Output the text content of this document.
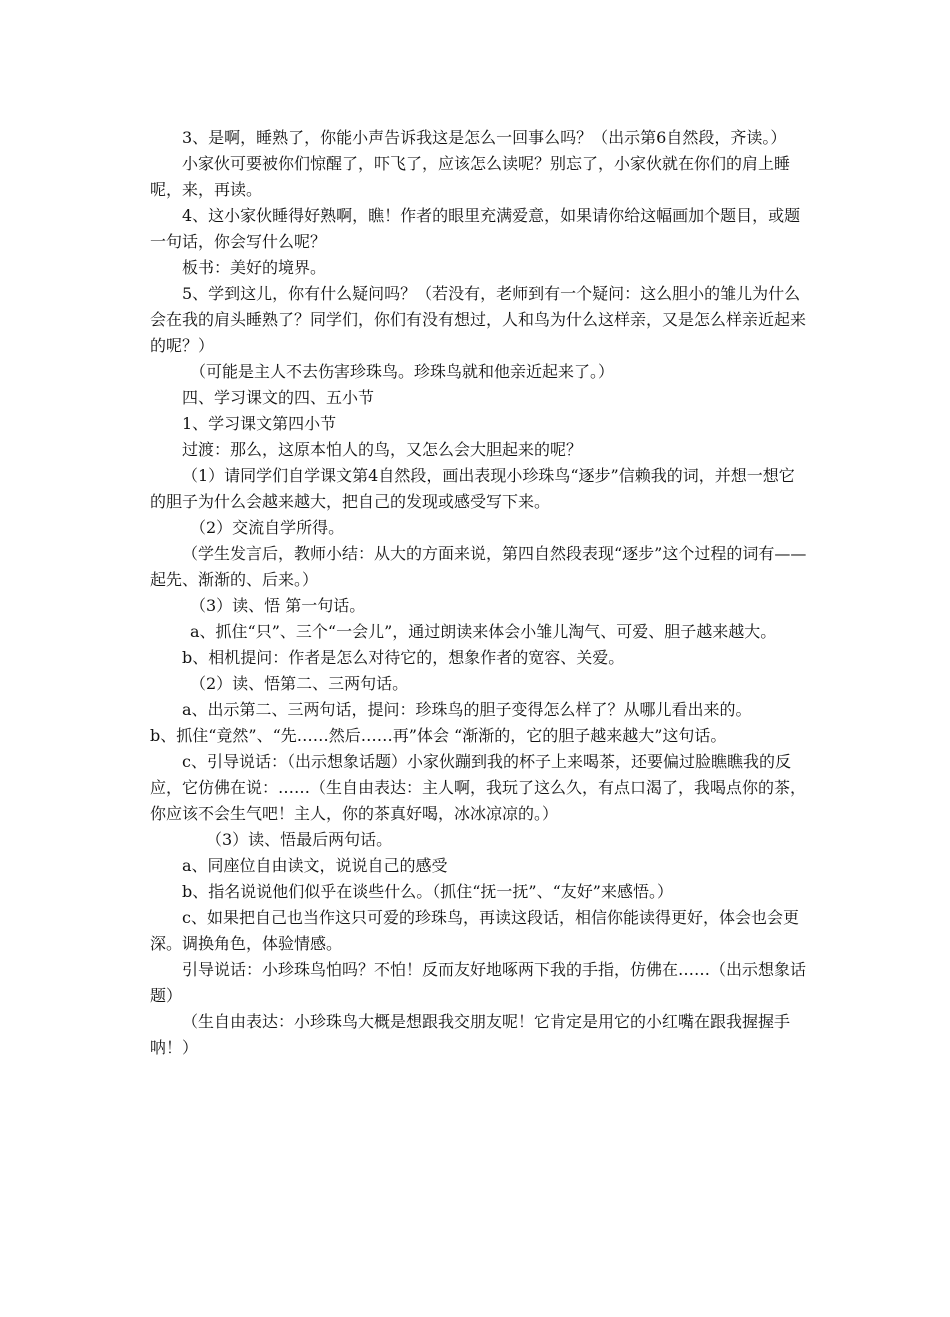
3、是啊，睡熟了，你能小声告诉我这是怎么一回事么吗？（出示第6自然段，齐读。）

小家伙可要被你们惊醒了，吓飞了，应该怎么读呢？别忘了，小家伙就在你们的肩上睡呢，来，再读。

4、这小家伙睡得好熟啊，瞧！作者的眼里充满爱意，如果请你给这幅画加个题目，或题一句话，你会写什么呢？

板书：美好的境界。

5、学到这儿，你有什么疑问吗？（若没有，老师到有一个疑问：这么胆小的雏儿为什么会在我的肩头睡熟了？同学们，你们有没有想过，人和鸟为什么这样亲，又是怎么样亲近起来的呢？）

（可能是主人不去伤害珍珠鸟。珍珠鸟就和他亲近起来了。）

四、学习课文的四、五小节

1、学习课文第四小节

过渡：那么，这原本怕人的鸟，又怎么会大胆起来的呢？

（1）请同学们自学课文第4自然段，画出表现小珍珠鸟“逐步”信赖我的词，并想一想它的胆子为什么会越来越大，把自己的发现或感受写下来。

（2）交流自学所得。

（学生发言后，教师小结：从大的方面来说，第四自然段表现“逐步”这个过程的词有——起先、渐渐的、后来。）

（3）读、悟 第一句话。

a、抓住“只”、三个“一会儿”，通过朗读来体会小雏儿淘气、可爱、胆子越来越大。

b、相机提问：作者是怎么对待它的，想象作者的宽容、关爱。

（2）读、悟第二、三两句话。

a、出示第二、三两句话，提问：珍珠鸟的胆子变得怎么样了？从哪儿看出来的。

b、抓住“竟然”、“先……然后……再”体会 “渐渐的，它的胆子越来越大”这句话。

c、引导说话：（出示想象话题）小家伙蹦到我的杯子上来喝茶，还要偏过脸瞧瞧我的反应，它仿佛在说：……（生自由表达：主人啊，我玩了这么久，有点口渴了，我喝点你的茶，你应该不会生气吧！主人，你的茶真好喝，冰冰凉凉的。）

（3）读、悟最后两句话。

a、同座位自由读文，说说自己的感受

b、指名说说他们似乎在谈些什么。（抓住“抚一抚”、“友好”来感悟。）

c、如果把自己也当作这只可爱的珍珠鸟，再读这段话，相信你能读得更好，体会也会更深。调换角色，体验情感。

引导说话：小珍珠鸟怕吗？不怕！反而友好地啄两下我的手指，仿佛在……（出示想象话题）

（生自由表达：小珍珠鸟大概是想跟我交朋友呢！它肯定是用它的小红嘴在跟我握握手呐！）
